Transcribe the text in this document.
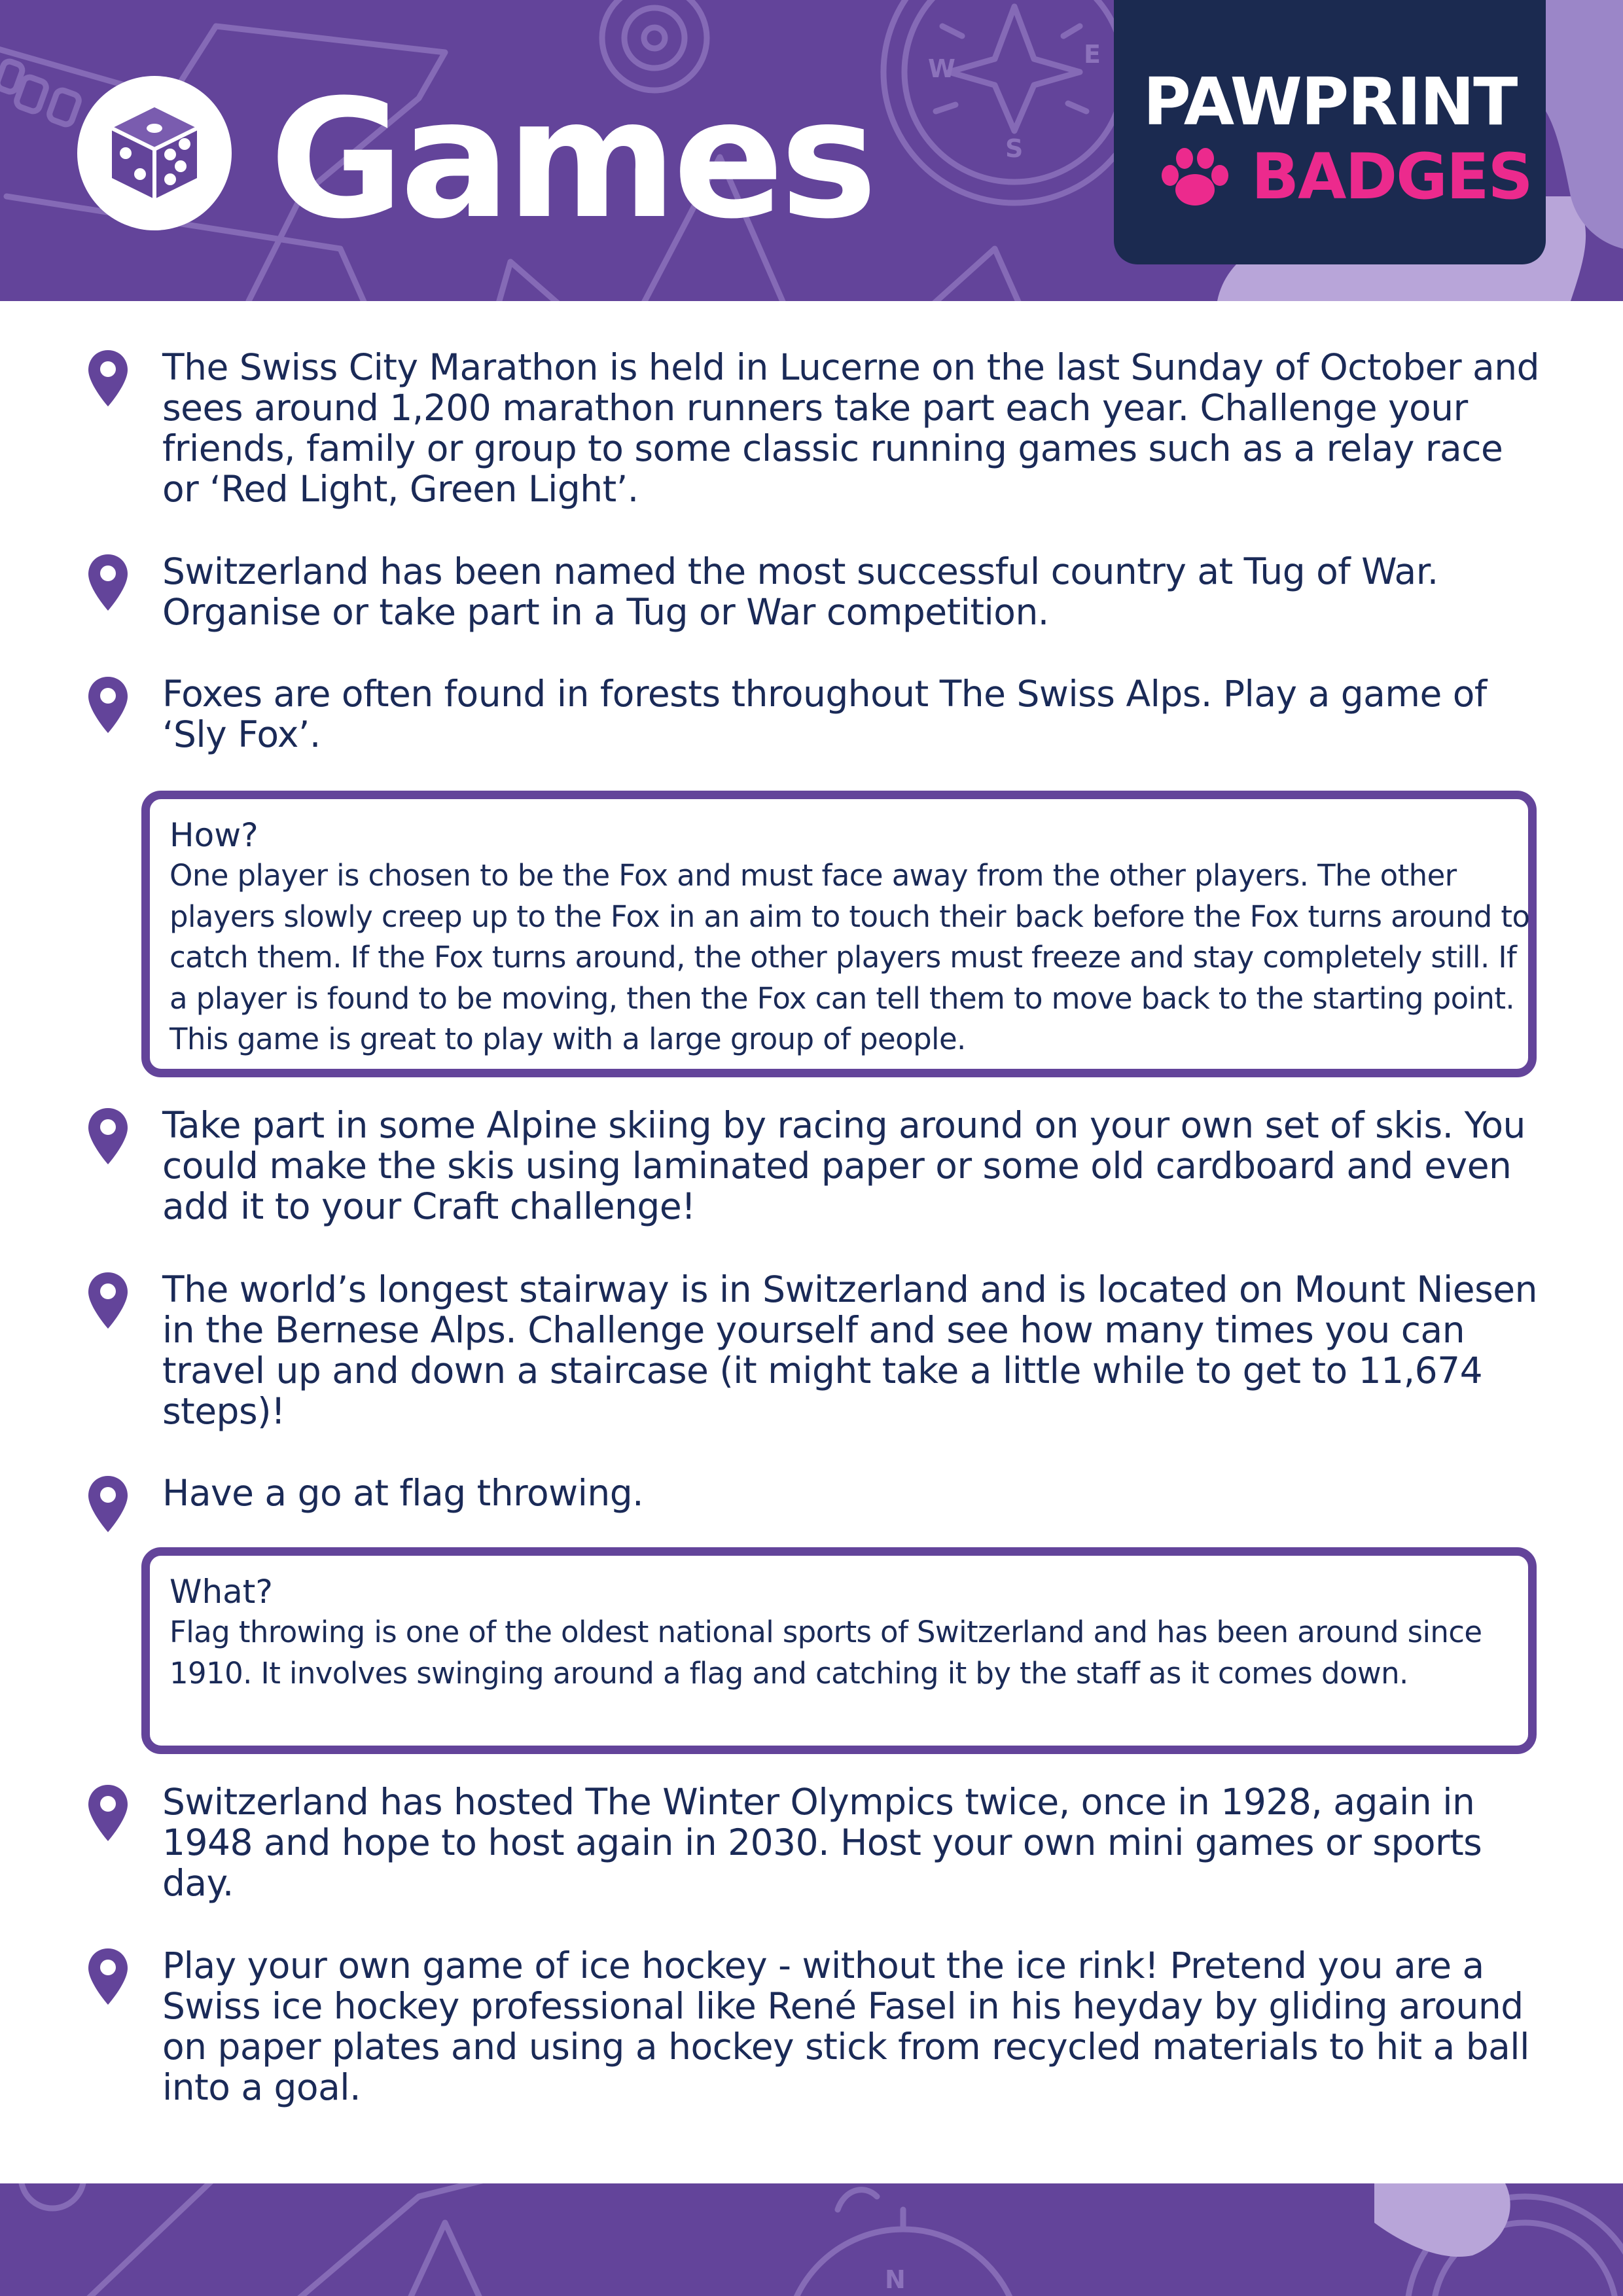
W	E
S
Games	PAWPRINT
BADGES
The Swiss City Marathon is held in Lucerne on the last Sunday of October and sees around 1,200 marathon runners take part each year. Challenge your friends, family or group to some classic running games such as a relay race or ‘Red Light, Green Light’.
Switzerland has been named the most successful country at Tug of War. Organise or take part in a Tug or War competition.
Foxes are often found in forests throughout The Swiss Alps. Play a game of ‘Sly Fox’.
How?
One player is chosen to be the Fox and must face away from the other players. The other players slowly creep up to the Fox in an aim to touch their back before the Fox turns around to catch them. If the Fox turns around, the other players must freeze and stay completely still. If a player is found to be moving, then the Fox can tell them to move back to the starting point. This game is great to play with a large group of people.
Take part in some Alpine skiing by racing around on your own set of skis. You could make the skis using laminated paper or some old cardboard and even add it to your Craft challenge!
The world’s longest stairway is in Switzerland and is located on Mount Niesen in the Bernese Alps. Challenge yourself and see how many times you can travel up and down a staircase (it might take a little while to get to 11,674 steps)!
Have a go at flag throwing.
What?
Flag throwing is one of the oldest national sports of Switzerland and has been around since 1910. It involves swinging around a flag and catching it by the staff as it comes down.
Switzerland has hosted The Winter Olympics twice, once in 1928, again in 1948 and hope to host again in 2030. Host your own mini games or sports day.
Play your own game of ice hockey - without the ice rink! Pretend you are a Swiss ice hockey professional like René Fasel in his heyday by gliding around on paper plates and using a hockey stick from recycled materials to hit a ball into a goal.
N
